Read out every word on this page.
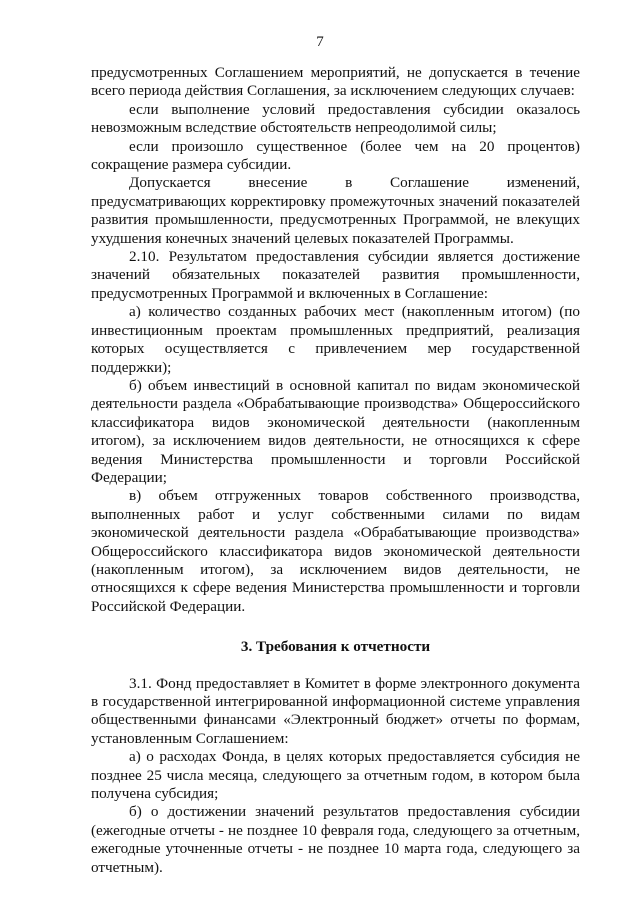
7

предусмотренных Соглашением мероприятий, не допускается в течение всего периода действия Соглашения, за исключением следующих случаев:

если выполнение условий предоставления субсидии оказалось невозможным вследствие обстоятельств непреодолимой силы;

если произошло существенное (более чем на 20 процентов) сокращение размера субсидии.

Допускается внесение в Соглашение изменений, предусматривающих корректировку промежуточных значений показателей развития промышленности, предусмотренных Программой, не влекущих ухудшения конечных значений целевых показателей Программы.

2.10. Результатом предоставления субсидии является достижение значений обязательных показателей развития промышленности, предусмотренных Программой и включенных в Соглашение:

а) количество созданных рабочих мест (накопленным итогом) (по инвестиционным проектам промышленных предприятий, реализация которых осуществляется с привлечением мер государственной поддержки);

б) объем инвестиций в основной капитал по видам экономической деятельности раздела «Обрабатывающие производства» Общероссийского классификатора видов экономической деятельности (накопленным итогом), за исключением видов деятельности, не относящихся к сфере ведения Министерства промышленности и торговли Российской Федерации;

в) объем отгруженных товаров собственного производства, выполненных работ и услуг собственными силами по видам экономической деятельности раздела «Обрабатывающие производства» Общероссийского классификатора видов экономической деятельности (накопленным итогом), за исключением видов деятельности, не относящихся к сфере ведения Министерства промышленности и торговли Российской Федерации.

3. Требования к отчетности

3.1. Фонд предоставляет в Комитет в форме электронного документа в государственной интегрированной информационной системе управления общественными финансами «Электронный бюджет» отчеты по формам, установленным Соглашением:

а) о расходах Фонда, в целях которых предоставляется субсидия не позднее 25 числа месяца, следующего за отчетным годом, в котором была получена субсидия;

б) о достижении значений результатов предоставления субсидии (ежегодные отчеты - не позднее 10 февраля года, следующего за отчетным, ежегодные уточненные отчеты - не позднее 10 марта года, следующего за отчетным).
